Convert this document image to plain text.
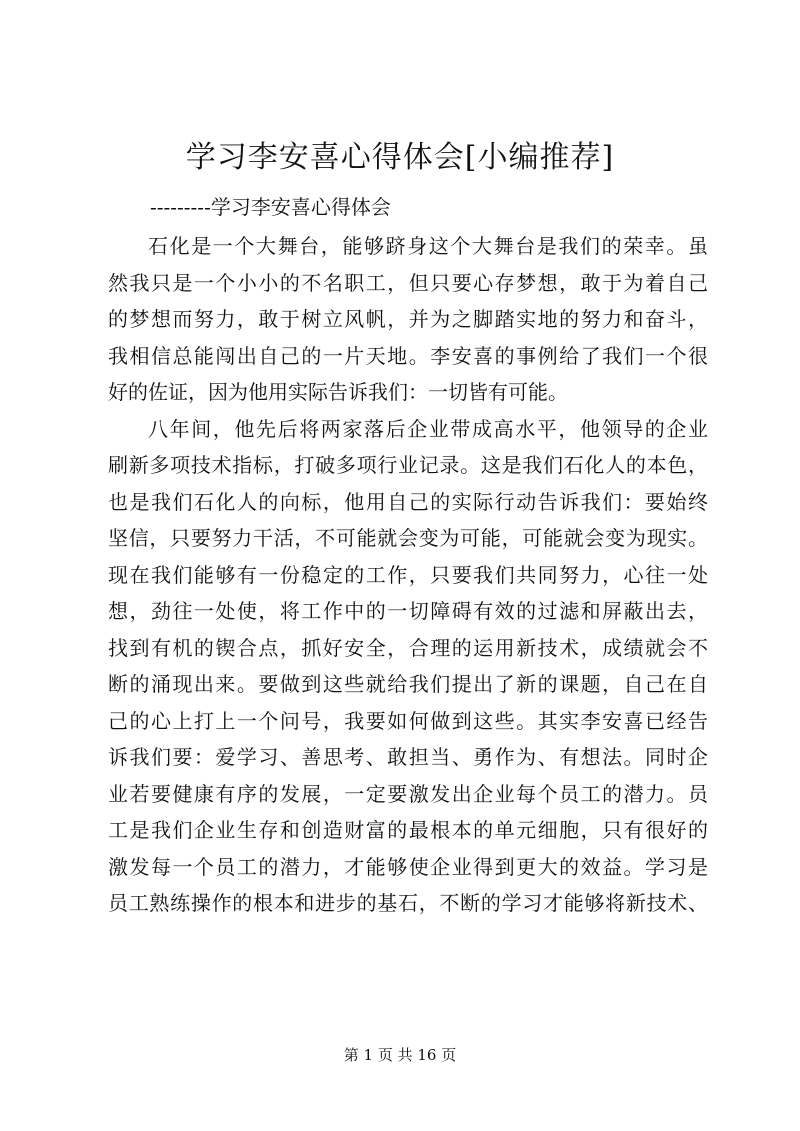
学习李安喜心得体会[小编推荐]
---------学习李安喜心得体会
石化是一个大舞台，能够跻身这个大舞台是我们的荣幸。虽
然我只是一个小小的不名职工，但只要心存梦想，敢于为着自己
的梦想而努力，敢于树立风帆，并为之脚踏实地的努力和奋斗，
我相信总能闯出自己的一片天地。李安喜的事例给了我们一个很
好的佐证，因为他用实际告诉我们：一切皆有可能。
八年间，他先后将两家落后企业带成高水平，他领导的企业
刷新多项技术指标，打破多项行业记录。这是我们石化人的本色，
也是我们石化人的向标，他用自己的实际行动告诉我们：要始终
坚信，只要努力干活，不可能就会变为可能，可能就会变为现实。
现在我们能够有一份稳定的工作，只要我们共同努力，心往一处
想，劲往一处使，将工作中的一切障碍有效的过滤和屏蔽出去，
找到有机的锲合点，抓好安全，合理的运用新技术，成绩就会不
断的涌现出来。要做到这些就给我们提出了新的课题，自己在自
己的心上打上一个问号，我要如何做到这些。其实李安喜已经告
诉我们要：爱学习、善思考、敢担当、勇作为、有想法。同时企
业若要健康有序的发展，一定要激发出企业每个员工的潜力。员
工是我们企业生存和创造财富的最根本的单元细胞，只有很好的
激发每一个员工的潜力，才能够使企业得到更大的效益。学习是
员工熟练操作的根本和进步的基石，不断的学习才能够将新技术、
第 1 页 共 16 页
